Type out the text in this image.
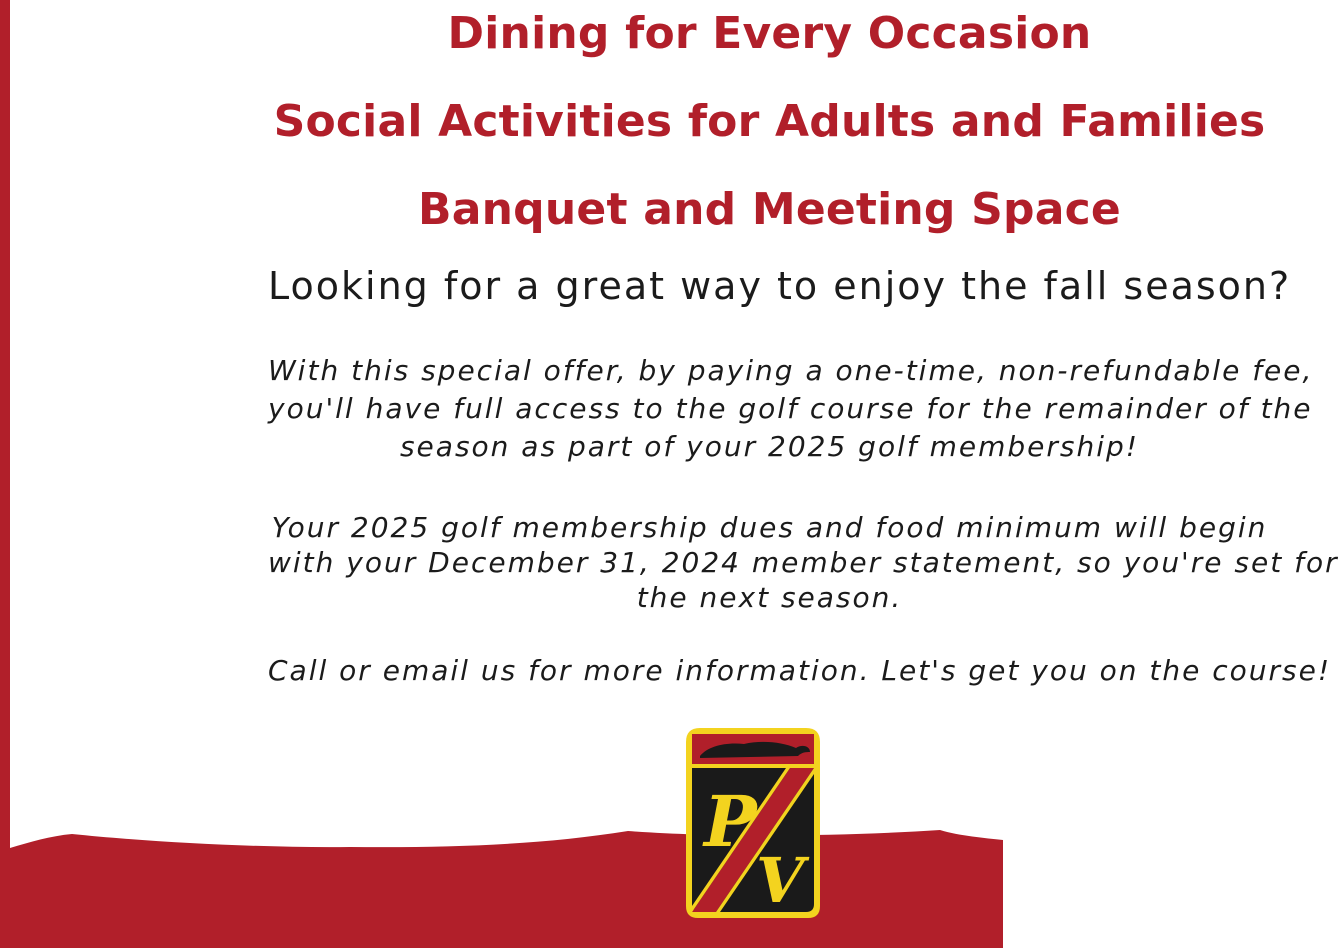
Dining for Every Occasion
Social Activities for Adults and Families
Banquet and Meeting Space

Looking for a great way to enjoy the fall season?

With this special offer, by paying a one-time, non-refundable fee,
you'll have full access to the golf course for the remainder of the
season as part of your 2025 golf membership!

Your 2025 golf membership dues and food minimum will begin
with your December 31, 2024 member statement, so you're set for
the next season.

Call or email us for more information. Let's get you on the course!

P
V
